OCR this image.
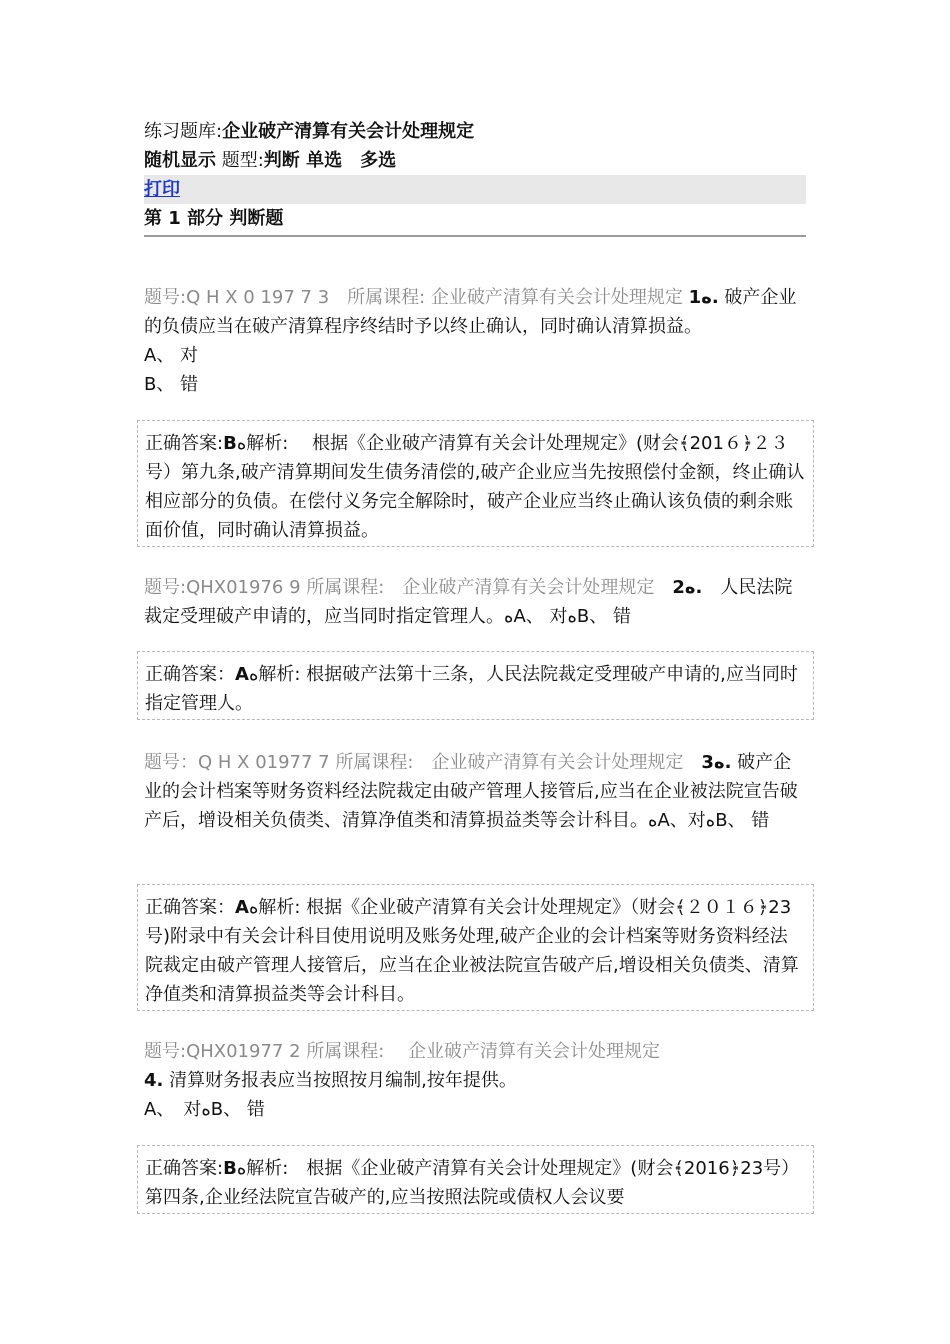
练习题库:企业破产清算有关会计处理规定
随机显示 题型:判断 单选　多选
打印
第 1 部分 判断题
题号:Q H X 0 197 7 3　所属课程: 企业破产清算有关会计处理规定 1ه. 破产企业的负债应当在破产清算程序终结时予以终止确认，同时确认清算损益。
A、 对
B、 错
正确答案:Bه解析:　 根据《企业破产清算有关会计处理规定》(财会﴾201６﴿２３号）第九条,破产清算期间发生债务清偿的,破产企业应当先按照偿付金额，终止确认相应部分的负债。在偿付义务完全解除时，破产企业应当终止确认该负债的剩余账面价值，同时确认清算损益。
题号:QHX01976 9 所属课程:　企业破产清算有关会计处理规定　2ه.　人民法院裁定受理破产申请的，应当同时指定管理人。هA、 对هB、 错
正确答案：Aه解析: 根据破产法第十三条，人民法院裁定受理破产申请的,应当同时指定管理人。
题号：Q H X 01977 7 所属课程:　企业破产清算有关会计处理规定　3ه. 破产企业的会计档案等财务资料经法院裁定由破产管理人接管后,应当在企业被法院宣告破产后，增设相关负债类、清算净值类和清算损益类等会计科目。هA、对هB、 错
正确答案：Aه解析: 根据《企业破产清算有关会计处理规定》（财会﴾２０１６﴿23号)附录中有关会计科目使用说明及账务处理,破产企业的会计档案等财务资料经法院裁定由破产管理人接管后，应当在企业被法院宣告破产后,增设相关负债类、清算净值类和清算损益类等会计科目。
题号:QHX01977 2 所属课程:　 企业破产清算有关会计处理规定
4. 清算财务报表应当按照按月编制,按年提供。
A、　对هB、 错
正确答案:Bه解析:　根据《企业破产清算有关会计处理规定》(财会﴾2016﴿23号）第四条,企业经法院宣告破产的,应当按照法院或债权人会议要
